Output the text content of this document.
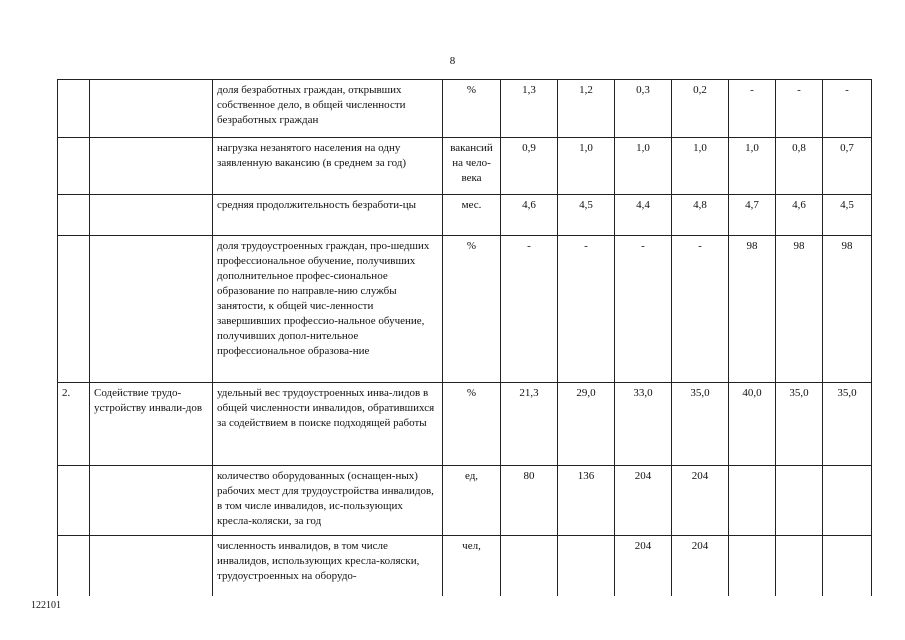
8
		доля безработных граждан, открывших собственное дело, в общей численности безработных граждан	%	1,3	1,2	0,3	0,2	-	-	-
		нагрузка незанятого населения на одну заявленную вакансию (в среднем за год)	вакансий на чело-века	0,9	1,0	1,0	1,0	1,0	0,8	0,7
		средняя продолжительность безработи-цы	мес.	4,6	4,5	4,4	4,8	4,7	4,6	4,5
		доля трудоустроенных граждан, про-шедших профессиональное обучение, получивших дополнительное профес-сиональное образование по направле-нию службы занятости, к общей чис-ленности завершивших профессио-нальное обучение, получивших допол-нительное профессиональное образова-ние	%	-	-	-	-	98	98	98
2.	Содействие трудо-устройству инвали-дов	удельный вес трудоустроенных инва-лидов в общей численности инвалидов, обратившихся за содействием в поиске подходящей работы	%	21,3	29,0	33,0	35,0	40,0	35,0	35,0
		количество оборудованных (оснащен-ных) рабочих мест для трудоустройства инвалидов, в том числе инвалидов, ис-пользующих кресла-коляски, за год	ед,	80	136	204	204			
		численность инвалидов, в том числе инвалидов, использующих кресла-коляски, трудоустроенных на оборудо-	чел,			204	204			
122101
